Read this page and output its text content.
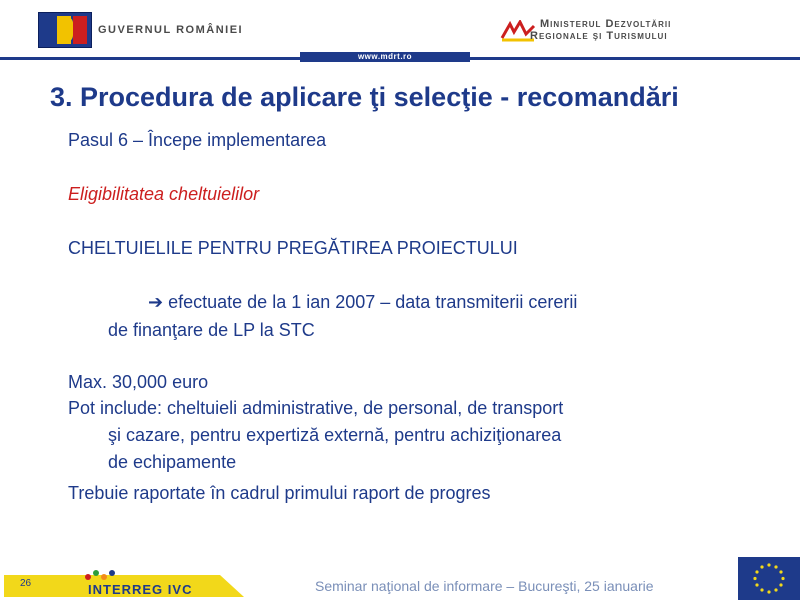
GUVERNUL ROMÂNIEI	Ministerul Dezvoltării
Regionale şi Turismului
www.mdrt.ro
3. Procedura de aplicare ţi selecţie - recomandări
Pasul 6 – Începe implementarea
Eligibilitatea cheltuielilor
CHELTUIELILE PENTRU PREGĂTIREA PROIECTULUI
➔ efectuate de la 1 ian 2007 – data transmiterii cererii
de finanţare de LP la STC
Max. 30,000 euro
Pot include: cheltuieli administrative, de personal, de transport
şi cazare, pentru expertiză externă, pentru achiziţionarea
de echipamente
Trebuie raportate în cadrul primului raport de progres
26	INTERREG IVC	Seminar naţional de informare – Bucureşti, 25 ianuarie
